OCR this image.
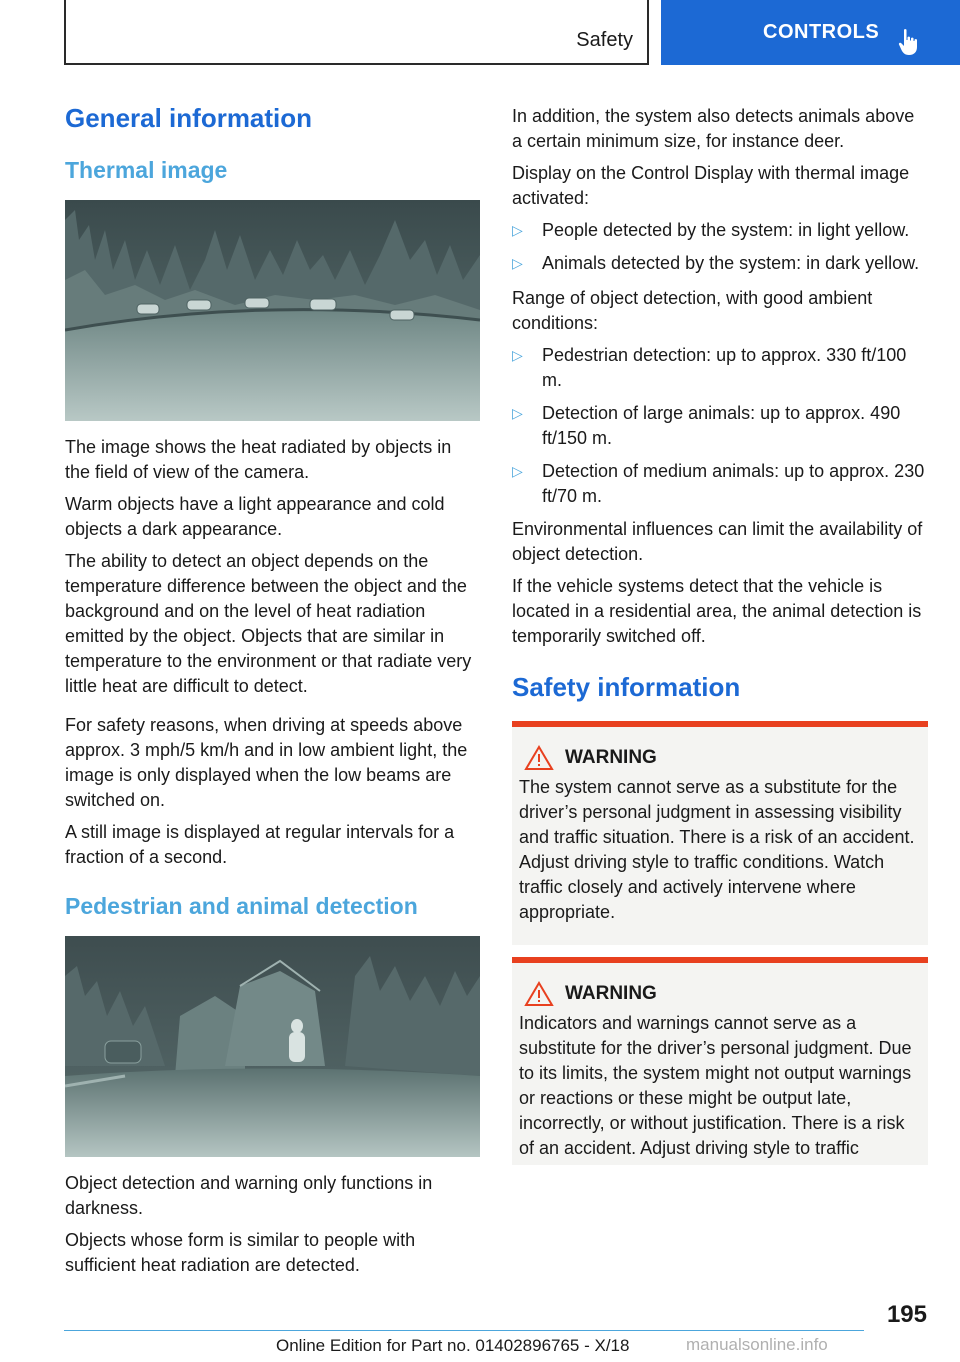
Safety	CONTROLS
General information
Thermal image

The image shows the heat radiated by objects in the field of view of the camera.

Warm objects have a light appearance and cold objects a dark appearance.

The ability to detect an object depends on the temperature difference between the object and the background and on the level of heat radiation emitted by the object. Objects that are similar in temperature to the environment or that radiate very little heat are difficult to detect.

For safety reasons, when driving at speeds above approx. 3 mph/5 km/h and in low ambient light, the image is only displayed when the low beams are switched on.

A still image is displayed at regular intervals for a fraction of a second.

Pedestrian and animal detection

Object detection and warning only functions in darkness.

Objects whose form is similar to people with sufficient heat radiation are detected.

In addition, the system also detects animals above a certain minimum size, for instance deer.

Display on the Control Display with thermal image activated:

▷ People detected by the system: in light yellow.
▷ Animals detected by the system: in dark yellow.

Range of object detection, with good ambient conditions:

▷ Pedestrian detection: up to approx. 330 ft/100 m.
▷ Detection of large animals: up to approx. 490 ft/150 m.
▷ Detection of medium animals: up to approx. 230 ft/70 m.

Environmental influences can limit the availability of object detection.

If the vehicle systems detect that the vehicle is located in a residential area, the animal detection is temporarily switched off.

Safety information
WARNING

The system cannot serve as a substitute for the driver’s personal judgment in assessing visibility and traffic situation. There is a risk of an accident. Adjust driving style to traffic conditions. Watch traffic closely and actively intervene where appropriate.

WARNING

Indicators and warnings cannot serve as a substitute for the driver’s personal judgment. Due to its limits, the system might not output warnings or reactions or these might be output late, incorrectly, or without justification. There is a risk of an accident. Adjust driving style to traffic

195
Online Edition for Part no. 01402896765 - X/18	manualsonline.info
